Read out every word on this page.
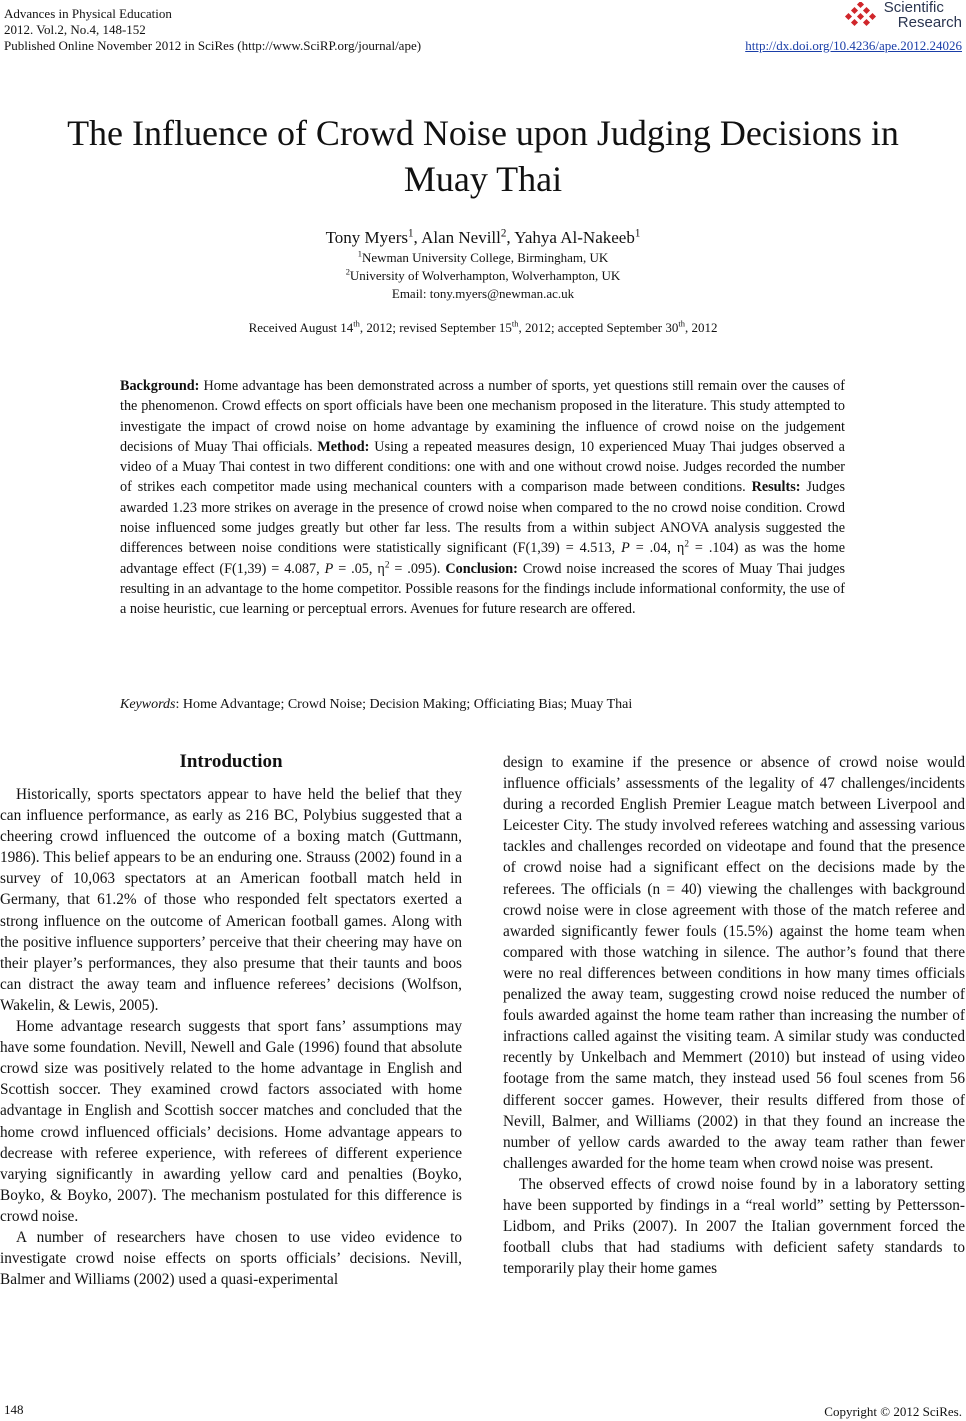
Advances in Physical Education
2012. Vol.2, No.4, 148-152
Published Online November 2012 in SciRes (http://www.SciRP.org/journal/ape)
Scientific
Research
http://dx.doi.org/10.4236/ape.2012.24026
The Influence of Crowd Noise upon Judging Decisions in
Muay Thai
Tony Myers$^1$, Alan Nevill$^2$, Yahya Al-Nakeeb$^1$
$^1$Newman University College, Birmingham, UK
$^2$University of Wolverhampton, Wolverhampton, UK
Email: tony.myers@newman.ac.uk
Received August 14th, 2012; revised September 15th, 2012; accepted September 30th, 2012
Background: Home advantage has been demonstrated across a number of sports, yet questions still remain over the causes of the phenomenon. Crowd effects on sport officials have been one mechanism proposed in the literature. This study attempted to investigate the impact of crowd noise on home advantage by examining the influence of crowd noise on the judgement decisions of Muay Thai officials. Method: Using a repeated measures design, 10 experienced Muay Thai judges observed a video of a Muay Thai contest in two different conditions: one with and one without crowd noise. Judges recorded the number of strikes each competitor made using mechanical counters with a comparison made between conditions. Results: Judges awarded 1.23 more strikes on average in the presence of crowd noise when compared to the no crowd noise condition. Crowd noise influenced some judges greatly but other far less. The results from a within subject ANOVA analysis suggested the differences between noise conditions were statistically significant (F(1,39) = 4.513, P = .04, $\eta^2 = .104$) as was the home advantage effect (F(1,39) = 4.087, P = .05, $\eta^2 = .095$). Conclusion: Crowd noise increased the scores of Muay Thai judges resulting in an advantage to the home competitor. Possible reasons for the findings include informational conformity, the use of a noise heuristic, cue learning or perceptual errors. Avenues for future research are offered.
Keywords: Home Advantage; Crowd Noise; Decision Making; Officiating Bias; Muay Thai
Introduction

Historically, sports spectators appear to have held the belief that they can influence performance, as early as 216 BC, Polybius suggested that a cheering crowd influenced the outcome of a boxing match (Guttmann, 1986). This belief appears to be an enduring one. Strauss (2002) found in a survey of 10,063 spectators at an American football match held in Germany, that 61.2% of those who responded felt spectators exerted a strong influence on the outcome of American football games. Along with the positive influence supporters’ perceive that their cheering may have on their player’s performances, they also presume that their taunts and boos can distract the away team and influence referees’ decisions (Wolfson, Wakelin, & Lewis, 2005).

Home advantage research suggests that sport fans’ assumptions may have some foundation. Nevill, Newell and Gale (1996) found that absolute crowd size was positively related to the home advantage in English and Scottish soccer. They examined crowd factors associated with home advantage in English and Scottish soccer matches and concluded that the home crowd influenced officials’ decisions. Home advantage appears to decrease with referee experience, with referees of different experience varying significantly in awarding yellow card and penalties (Boyko, Boyko, & Boyko, 2007). The mechanism postulated for this difference is crowd noise.

A number of researchers have chosen to use video evidence to investigate crowd noise effects on sports officials’ decisions. Nevill, Balmer and Williams (2002) used a quasi-experimental

design to examine if the presence or absence of crowd noise would influence officials’ assessments of the legality of 47 challenges/incidents during a recorded English Premier League match between Liverpool and Leicester City. The study involved referees watching and assessing various tackles and challenges recorded on videotape and found that the presence of crowd noise had a significant effect on the decisions made by the referees. The officials (n = 40) viewing the challenges with background crowd noise were in close agreement with those of the match referee and awarded significantly fewer fouls (15.5%) against the home team when compared with those watching in silence. The author’s found that there were no real differences between conditions in how many times officials penalized the away team, suggesting crowd noise reduced the number of fouls awarded against the home team rather than increasing the number of infractions called against the visiting team. A similar study was conducted recently by Unkelbach and Memmert (2010) but instead of using video footage from the same match, they instead used 56 foul scenes from 56 different soccer games. However, their results differed from those of Nevill, Balmer, and Williams (2002) in that they found an increase the number of yellow cards awarded to the away team rather than fewer challenges awarded for the home team when crowd noise was present.

The observed effects of crowd noise found by in a laboratory setting have been supported by findings in a “real world” setting by Pettersson-Lidbom, and Priks (2007). In 2007 the Italian government forced the football clubs that had stadiums with deficient safety standards to temporarily play their home games

148	Copyright © 2012 SciRes.
